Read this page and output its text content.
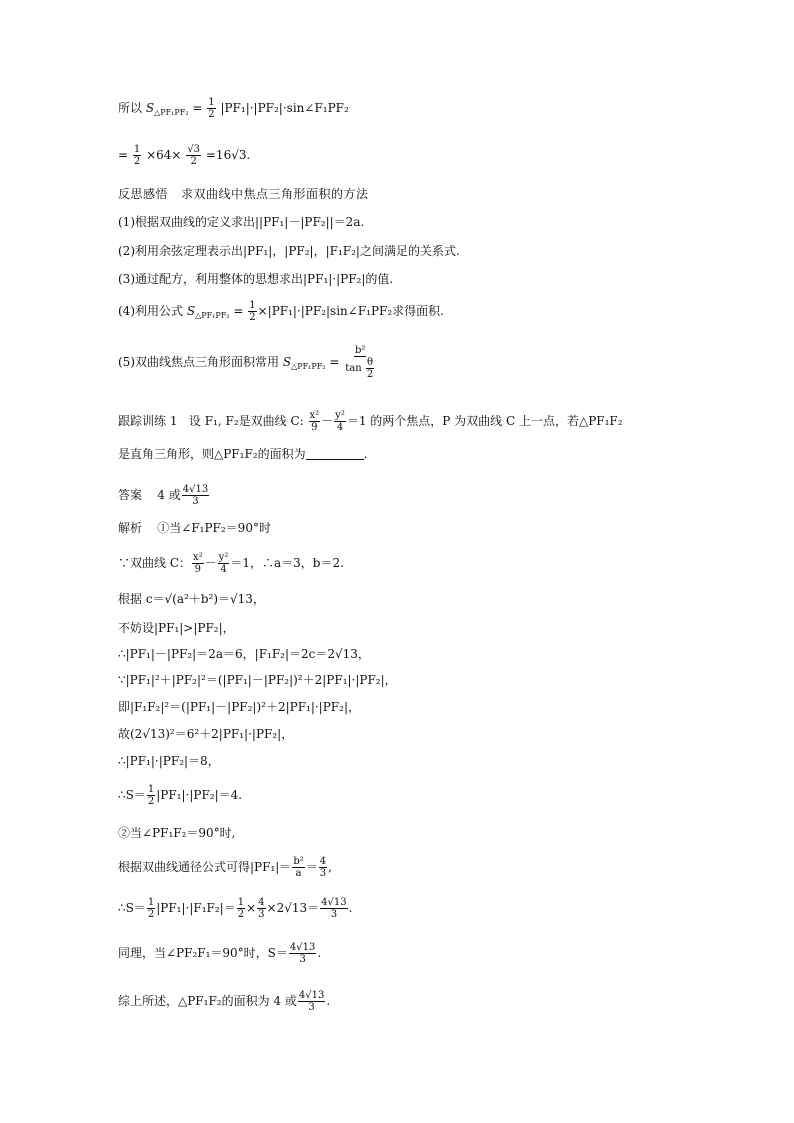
所以 $S_{\triangle PF_1PF_2} = \frac{1}{2}$ |PF₁|·|PF₂|·sin∠F₁PF₂
= $\frac{1}{2} \times 64\times \frac{√3}{2} =16√3$.
反思感悟 求双曲线中焦点三角形面积的方法
(1)根据双曲线的定义求出||PF₁|－|PF₂||＝2a.
(2)利用余弦定理表示出|PF₁|，|PF₂|，|F₁F₂|之间满足的关系式.
(3)通过配方，利用整体的思想求出|PF₁|·|PF₂|的值.
(4)利用公式 $S_{\triangle PF_1PF_2} = \frac{1}{2}$ ×|PF₁|·|PF₂|sin∠F₁PF₂求得面积.
(5)双曲线焦点三角形面积常用 $S_{\triangle PF_1PF_2} = \frac{\text{b²}}{\tan \frac{\theta}{2}}$
跟踪训练 1 设 F₁, F₂是双曲线 C: $\frac{\text{x²}}{9} - \frac{\text{y²}}{4} =1$ 的两个焦点，P 为双曲线 C 上一点，若△PF₁F₂
是直角三角形，则△PF₁F₂的面积为	.
答案 4 或 $\frac{4√13}{3}$
解析 ①当∠F₁PF₂＝90°时
∵双曲线 C： $\frac{\text{x²}}{9} - \frac{\text{y²}}{4} =1$，∴a＝3，b＝2.
根据 c＝√(a²＋b²)＝√13，
不妨设|PF₁|>|PF₂|，
∴|PF₁|－|PF₂|＝2a＝6，|F₁F₂|＝2c＝2√13，
∵|PF₁|²＋|PF₂|²＝(|PF₁|－|PF₂|)²＋2|PF₁|·|PF₂|，
即|F₁F₂|²＝(|PF₁|－|PF₂|)²＋2|PF₁|·|PF₂|，
故(2√13)²＝6²＋2|PF₁|·|PF₂|，
∴|PF₁|·|PF₂|＝8，
∴S＝ $\frac{1}{2} |PF_1|\cdot|PF_2|=4$.
②当∠PF₁F₂＝90°时,
根据双曲线通径公式可得$|PF_1|= \frac{\text{b²}}{a} = \frac{4}{3}$ ,
∴S＝ $\frac{1}{2} |PF_1|\cdot|F_1F_2|= \frac{1}{2} \times \frac{4}{3} \times 2√13= \frac{4√13}{3}$ .
同理，当∠PF₂F₁＝90°时，$S= \frac{4√13}{3}$ .
综上所述，△PF₁F₂的面积为 4 或 $\frac{4√13}{3}$ .
